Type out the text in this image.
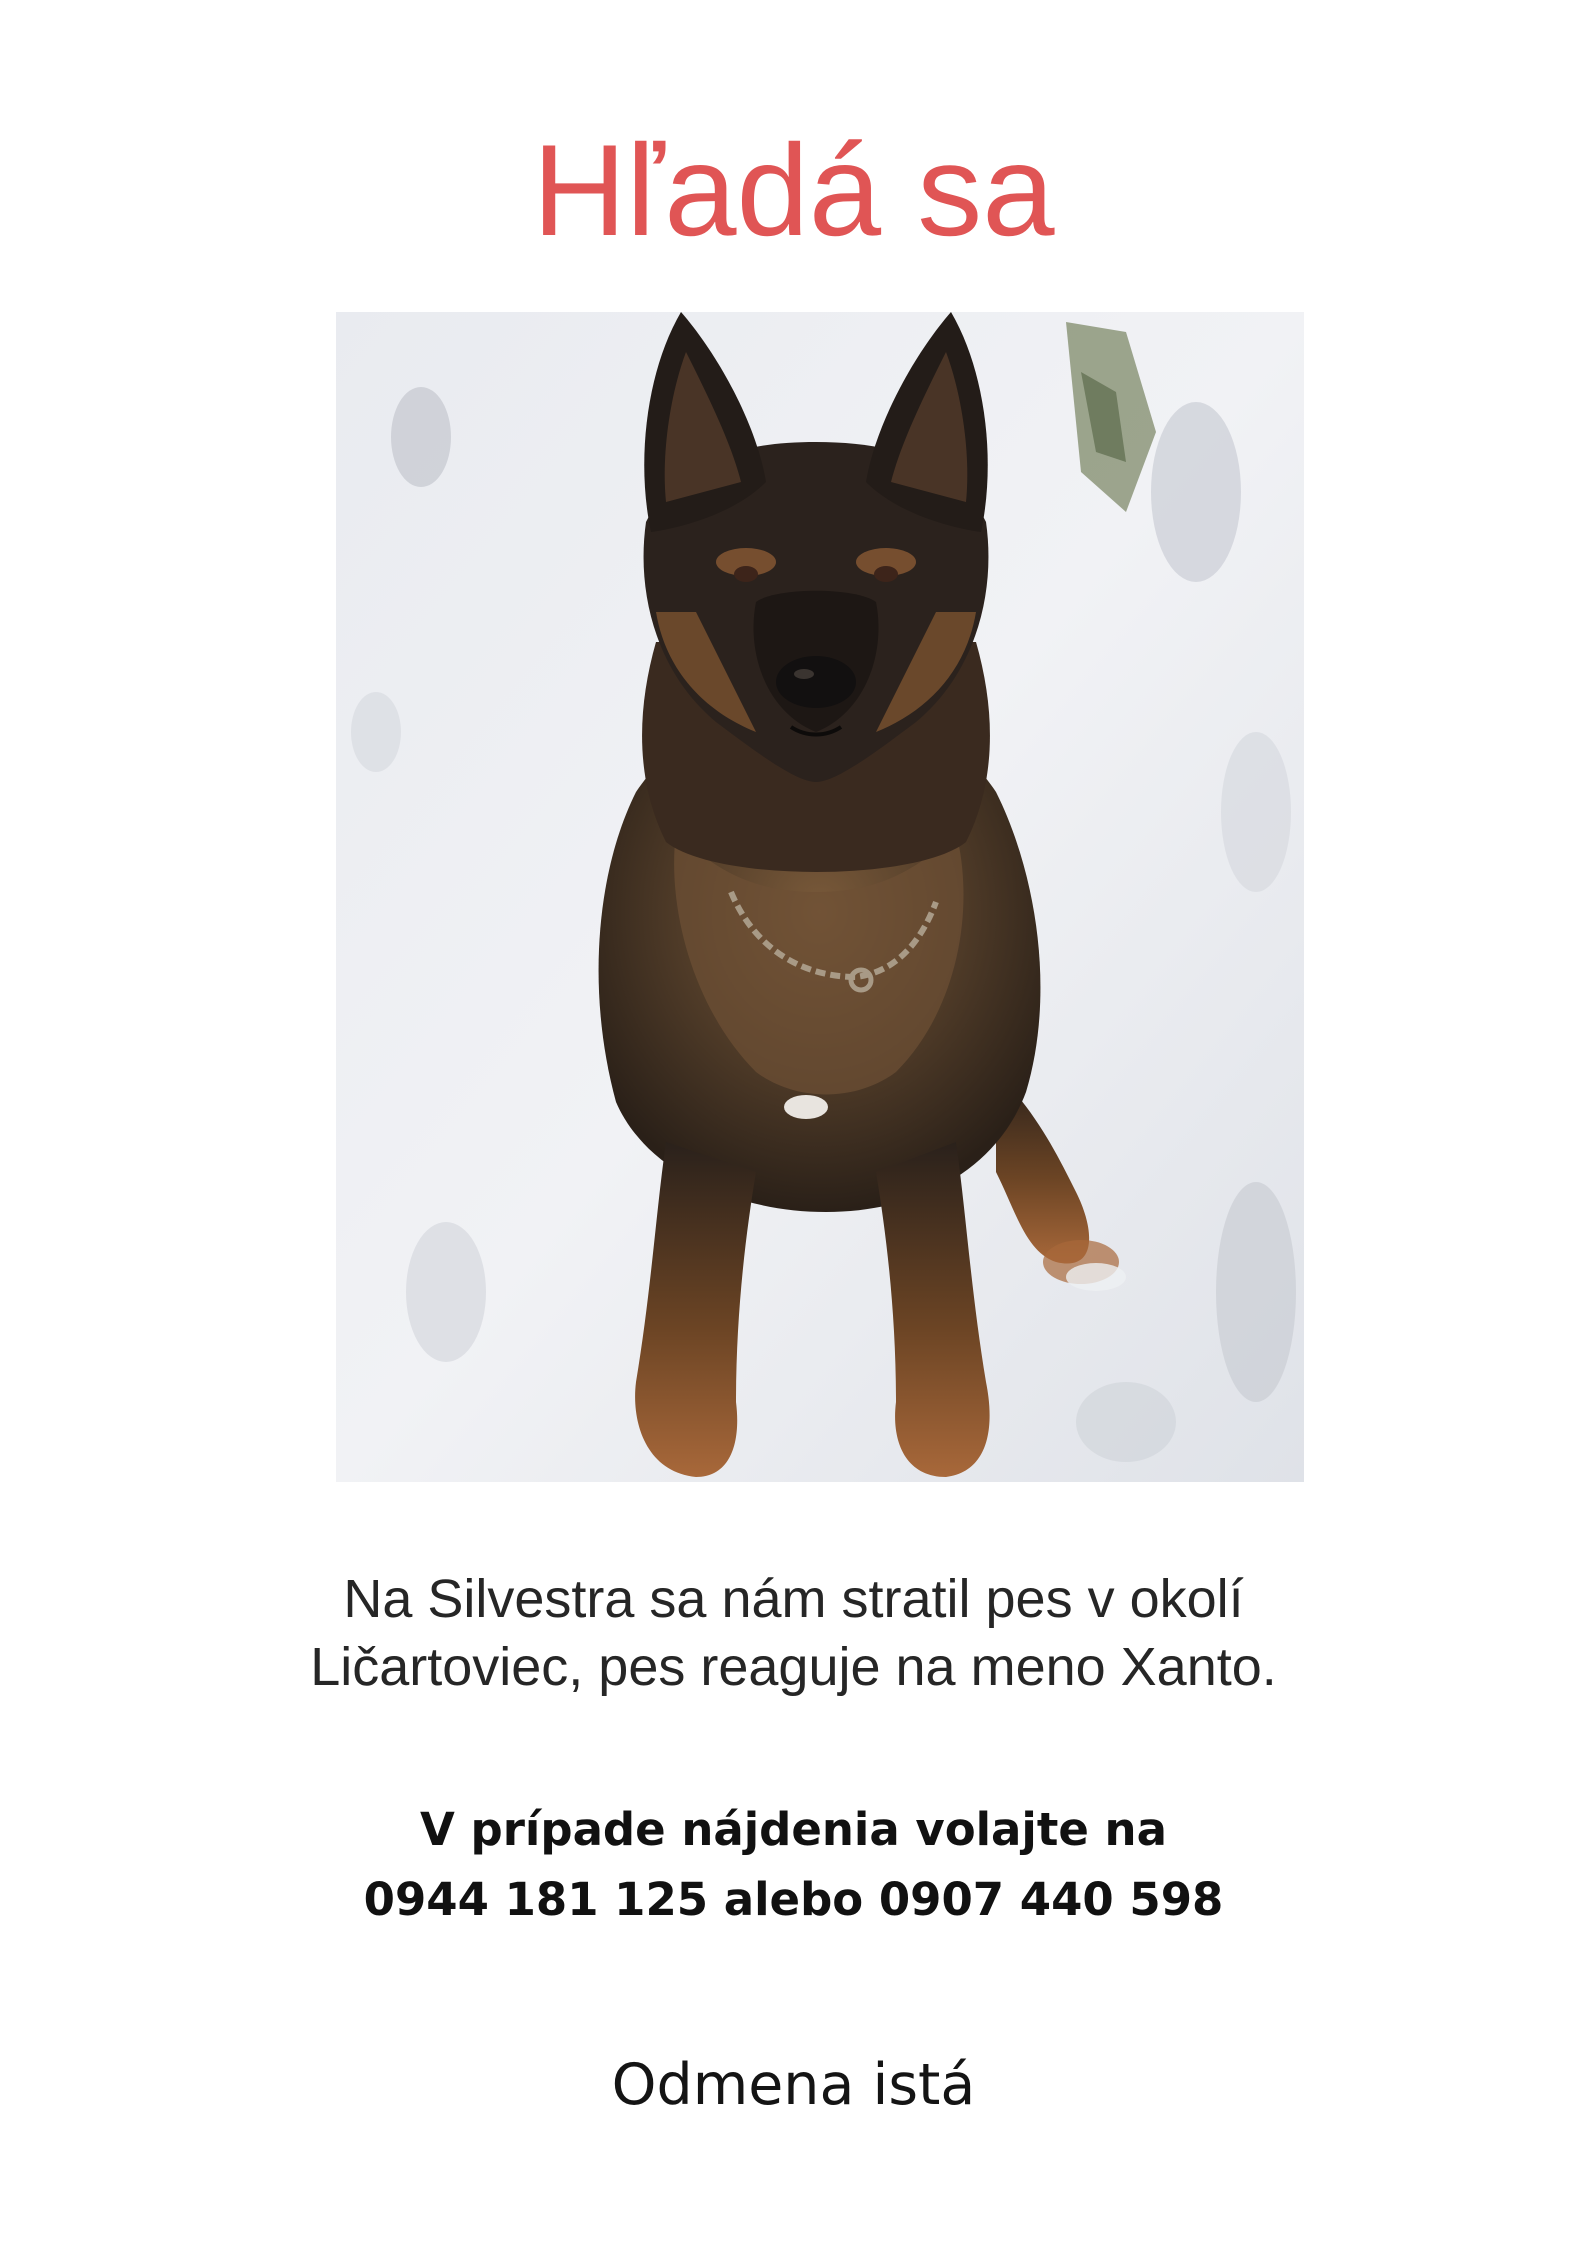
Hľadá sa
Na Silvestra sa nám stratil pes v okolí
Ličartoviec, pes reaguje na meno Xanto.
V prípade nájdenia volajte na
0944 181 125 alebo 0907 440 598
Odmena istá
